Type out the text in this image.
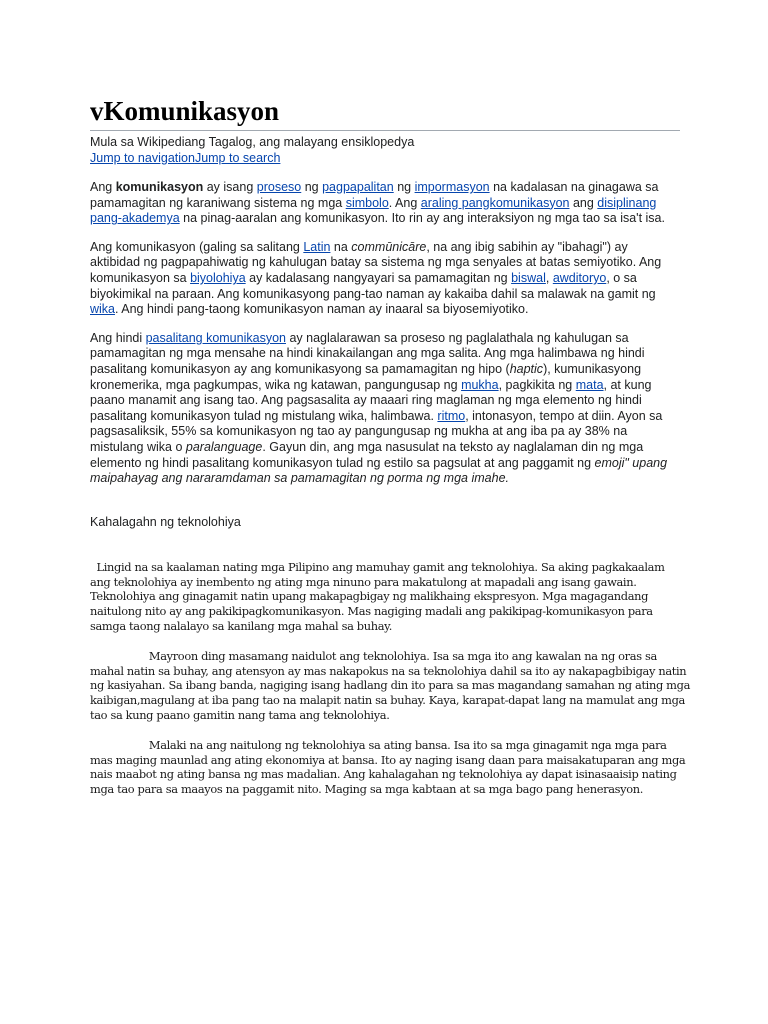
vKomunikasyon
Mula sa Wikipediang Tagalog, ang malayang ensiklopedya
Jump to navigationJump to search

Ang komunikasyon ay isang proseso ng pagpapalitan ng impormasyon na kadalasan na ginagawa sa pamamagitan ng karaniwang sistema ng mga simbolo. Ang araling pangkomunikasyon ang disiplinang pang-akademya na pinag-aaralan ang komunikasyon. Ito rin ay ang interaksiyon ng mga tao sa isa't isa.

Ang komunikasyon (galing sa salitang Latin na commūnicāre, na ang ibig sabihin ay "ibahagi") ay aktibidad ng pagpapahiwatig ng kahulugan batay sa sistema ng mga senyales at batas semiyotiko. Ang komunikasyon sa biyolohiya ay kadalasang nangyayari sa pamamagitan ng biswal, awditoryo, o sa biyokimikal na paraan. Ang komunikasyong pang-tao naman ay kakaiba dahil sa malawak na gamit ng wika. Ang hindi pang-taong komunikasyon naman ay inaaral sa biyosemiyotiko.

Ang hindi pasalitang komunikasyon ay naglalarawan sa proseso ng paglalathala ng kahulugan sa pamamagitan ng mga mensahe na hindi kinakailangan ang mga salita. Ang mga halimbawa ng hindi pasalitang komunikasyon ay ang komunikasyong sa pamamagitan ng hipo (haptic), kumunikasyong kronemerika, mga pagkumpas, wika ng katawan, pangungusap ng mukha, pagkikita ng mata, at kung paano manamit ang isang tao. Ang pagsasalita ay maaari ring maglaman ng mga elemento ng hindi pasalitang komunikasyon tulad ng mistulang wika, halimbawa. ritmo, intonasyon, tempo at diin. Ayon sa pagsasaliksik, 55% sa komunikasyon ng tao ay pangungusap ng mukha at ang iba pa ay 38% na mistulang wika o paralanguage. Gayun din, ang mga nasusulat na teksto ay naglalaman din ng mga elemento ng hindi pasalitang komunikasyon tulad ng estilo sa pagsulat at ang paggamit ng emoji" upang maipahayag ang nararamdaman sa pamamagitan ng porma ng mga imahe.

Kahalagahn ng teknolohiya

Lingid na sa kaalaman nating mga Pilipino ang mamuhay gamit ang teknolohiya. Sa aking pagkakaalam
ang teknolohiya ay inembento ng ating mga ninuno para makatulong at mapadali ang isang gawain. Teknolohiya ang ginagamit natin upang makapagbigay ng malikhaing ekspresyon. Mga magagandang naitulong nito ay ang pakikipagkomunikasyon. Mas nagiging madali ang pakikipag-komunikasyon para samga taong nalalayo sa kanilang mga mahal sa buhay.

Mayroon ding masamang naidulot ang teknolohiya. Isa sa mga ito ang kawalan na ng oras sa
mahal natin sa buhay, ang atensyon ay mas nakapokus na sa teknolohiya dahil sa ito ay nakapagbibigay natin ng kasiyahan. Sa ibang banda, nagiging isang hadlang din ito para sa mas magandang samahan ng ating mga kaibigan,magulang at iba pang tao na malapit natin sa buhay. Kaya, karapat-dapat lang na mamulat ang mga tao sa kung paano gamitin nang tama ang teknolohiya.

Malaki na ang naitulong ng teknolohiya sa ating bansa. Isa ito sa mga ginagamit nga mga para
mas maging maunlad ang ating ekonomiya at bansa. Ito ay naging isang daan para maisakatuparan ang mga nais maabot ng ating bansa ng mas madalian. Ang kahalagahan ng teknolohiya ay dapat isinasaaisip nating mga tao para sa maayos na paggamit nito. Maging sa mga kabtaan at sa mga bago pang henerasyon.
